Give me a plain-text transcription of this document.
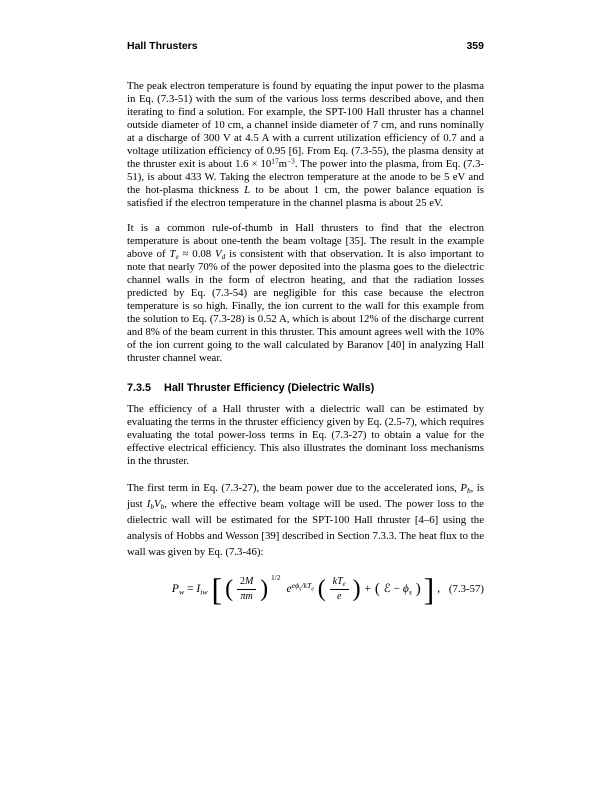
Hall Thrusters	359

The peak electron temperature is found by equating the input power to the plasma in Eq. (7.3-51) with the sum of the various loss terms described above, and then iterating to find a solution. For example, the SPT-100 Hall thruster has a channel outside diameter of 10 cm, a channel inside diameter of 7 cm, and runs nominally at a discharge of 300 V at 4.5 A with a current utilization efficiency of 0.7 and a voltage utilization efficiency of 0.95 [6]. From Eq. (7.3-55), the plasma density at the thruster exit is about $1.6 \times 10^{17}m^{-3}$. The power into the plasma, from Eq. (7.3-51), is about 433 W. Taking the electron temperature at the anode to be 5 eV and the hot-plasma thickness L to be about 1 cm, the power balance equation is satisfied if the electron temperature in the channel plasma is about 25 eV.

It is a common rule-of-thumb in Hall thrusters to find that the electron temperature is about one-tenth the beam voltage [35]. The result in the example above of $T_e \approx 0.08$ $V_d$ is consistent with that observation. It is also important to note that nearly 70% of the power deposited into the plasma goes to the dielectric channel walls in the form of electron heating, and that the radiation losses predicted by Eq. (7.3-54) are negligible for this case because the electron temperature is so high. Finally, the ion current to the wall for this example from the solution to Eq. (7.3-28) is 0.52 A, which is about 12% of the discharge current and 8% of the beam current in this thruster. This amount agrees well with the 10% of the ion current going to the wall calculated by Baranov [40] in analyzing Hall thruster channel wear.

7.3.5 Hall Thruster Efficiency (Dielectric Walls)

The efficiency of a Hall thruster with a dielectric wall can be estimated by evaluating the terms in the thruster efficiency given by Eq. (2.5-7), which requires evaluating the total power-loss terms in Eq. (7.3-27) to obtain a value for the effective electrical efficiency. This also illustrates the dominant loss mechanisms in the thruster.

The first term in Eq. (7.3-27), the beam power due to the accelerated ions, $P_b$, is just $I_bV_b$, where the effective beam voltage will be used. The power loss to the dielectric wall will be estimated for the SPT-100 Hall thruster [4–6] using the analysis of Hobbs and Wesson [39] described in Section 7.3.3. The heat flux to the wall was given by Eq. (7.3-46):

$P_w = I_{iw}$ [ ( $\frac{2M}{\pi m}$ ) 1/2 $e^{e\phi}s^{/kT}e$ ( $\frac{kT_e}{e}$ ) + ( ℰ − $\phi_s$ ) ] , (7.3-57)
